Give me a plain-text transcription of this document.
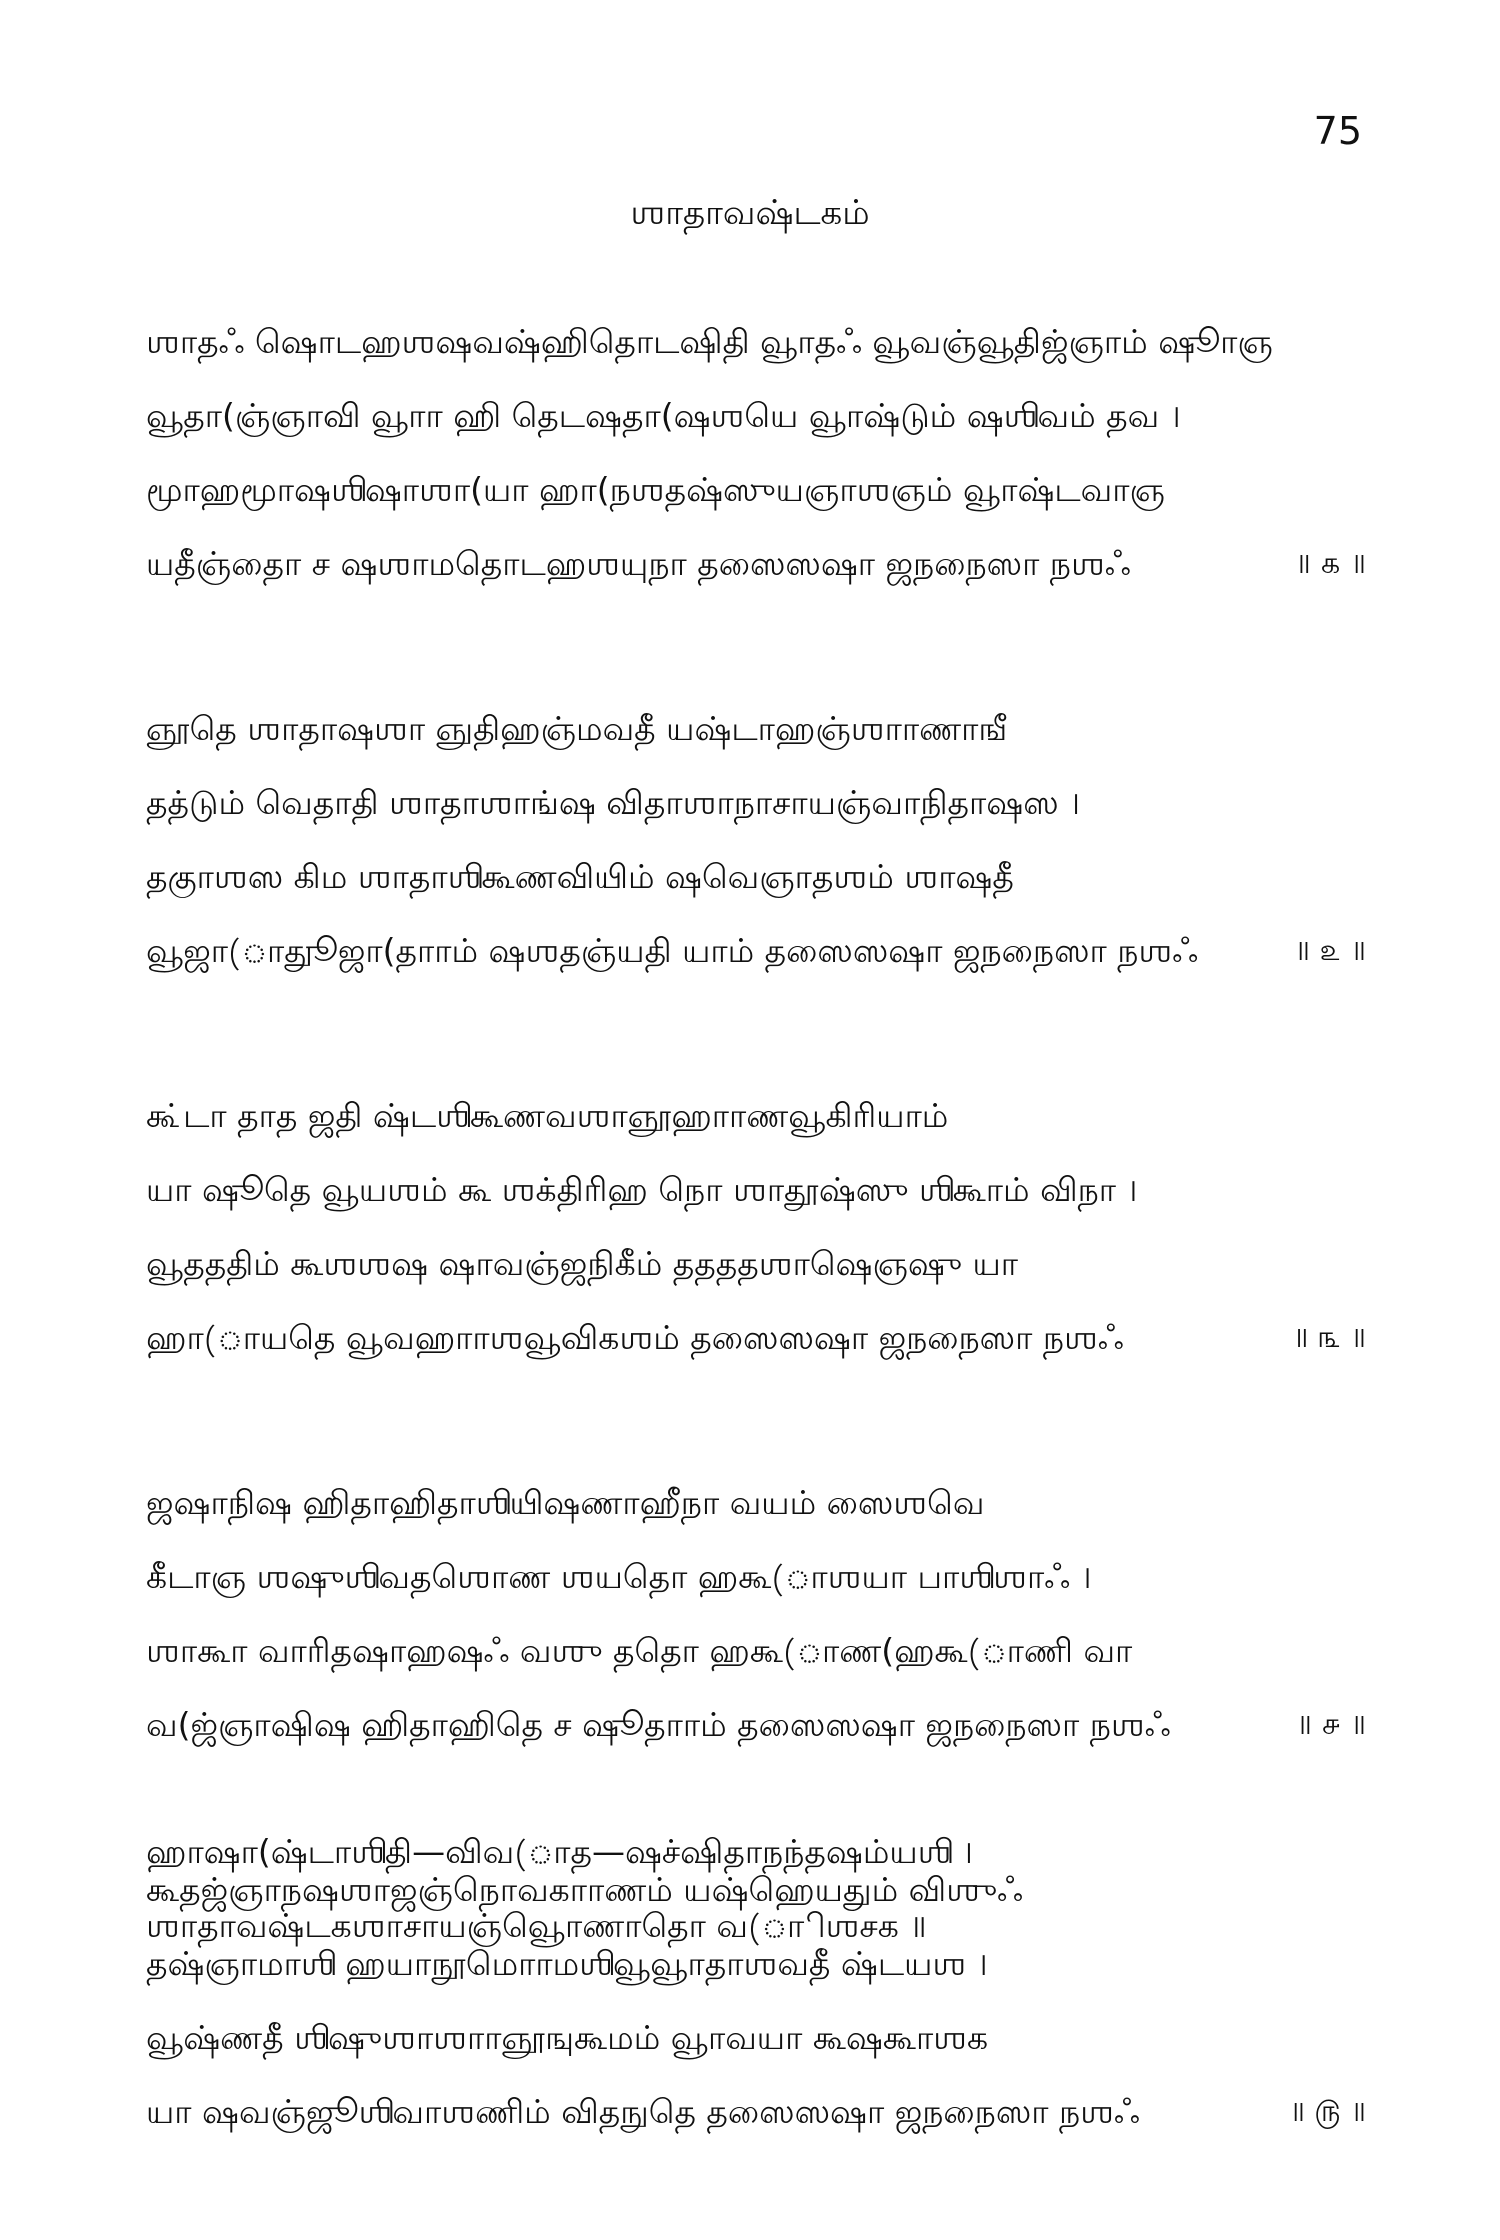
75
ஶாதாவஷ்டகம்
ஶாதஃ ஷொடஹஶஷவஷ்ஹிதொடஷிதி வூாதஃ வூவஞ்வூதிஜ்ஞாம் ஷூாஞ
வூதா(ஞ்ஞாவி வூாா ஹி தெடஷதா(ஷஶயெ வூாஷ்டும் ஷஶிவம் தவ ।
மூாஹமூாஷஶிஷாஶா(யா ஹா(நஶதஷ்ஸுயஞாஶஞம் வூாஷ்டவாஞ
யதீஞ்தைா ச ஷஶாமதொடஹஶயுநா தஸைஸஷா ஜநநைஸா நஶஃ	॥ ௧ ॥
ஞூதெ ஶாதாஷஶா ஞுதிஹஞ்மவதீ யஷ்டாஹஞ்ஶாாணாஙீ
தத்டும் வெதாதி ஶாதாஶாங்ஷ விதாஶாநாசாயஞ்வாநிதாஷஸ ।
தகுாஶஸ கிம ஶாதாஶிகூணவியிம் ஷவெஞாதஶம் ஶாஷதீ
வூஜா(ாதுூஜா(தாாம் ஷஶதஞ்யதி யாம் தஸைஸஷா ஜநநைஸா நஶஃ	॥ ௨ ॥
கூ்டா தாத ஜதி ஷ்டஶிகூணவஶாஞூஹாாணவூகிரியாம்
யா ஷூதெ வூயஶம் கூ ஶக்திரிஹ நொ ஶாதூஷ்ஸு ஶிகூாம் விநா ।
வூதததிம் கூஶஶஷ ஷாவஞ்ஜநிகீம் ததததஶாஷெஞஷு யா
ஹா(ாயதெ வூவஹாாஶவூவிகஶம் தஸைஸஷா ஜநநைஸா நஶஃ	॥ ௩ ॥
ஜஷாநிஷ ஹிதாஹிதாஶியிஷணாஹீநா வயம் ஸைஶவெ
கீடாஞ ஶஷுஶிவதஶொண ஶயதொ ஹகூ(ாஶயா பாஶிஶாஃ ।
ஶாகூா வாரிதஷாஹஷஃ வஶு ததொ ஹகூ(ாண(ஹகூ(ாணி வா
வ(ஜ்ஞாஷிஷ ஹிதாஹிதெ ச ஷூதாாம் தஸைஸஷா ஜநநைஸா நஶஃ	॥ ௪ ॥
கூதஜ்ஞாநஷஶாஜஞ்நொவகாாணம் யஷ்ஹெயதும் விஶுஃ
தஷ்ஞாமாஶி ஹயாநூமொாமஶிவூவூாதாஶவதீ ஷ்டயஶ ।
வூஷ்ணதீ ஶிஷுஶாஶாாஞூஙுகூமம் வூாவயா கூஷகூாஶக
யா ஷவஞ்ஜூஶிவாஶணிம் விதநுதெ தஸைஸஷா ஜநநைஸா நஶஃ	॥ ௫ ॥
ஹாஷா(ஷ்டாஶிதி—விவ(ாத—ஷச்ஷிதாநந்தஷம்யஶி ।
ஶாதாவஷ்டகஶாசாயஞ்வெூாணாதொ வ(ாிஶசக ॥
